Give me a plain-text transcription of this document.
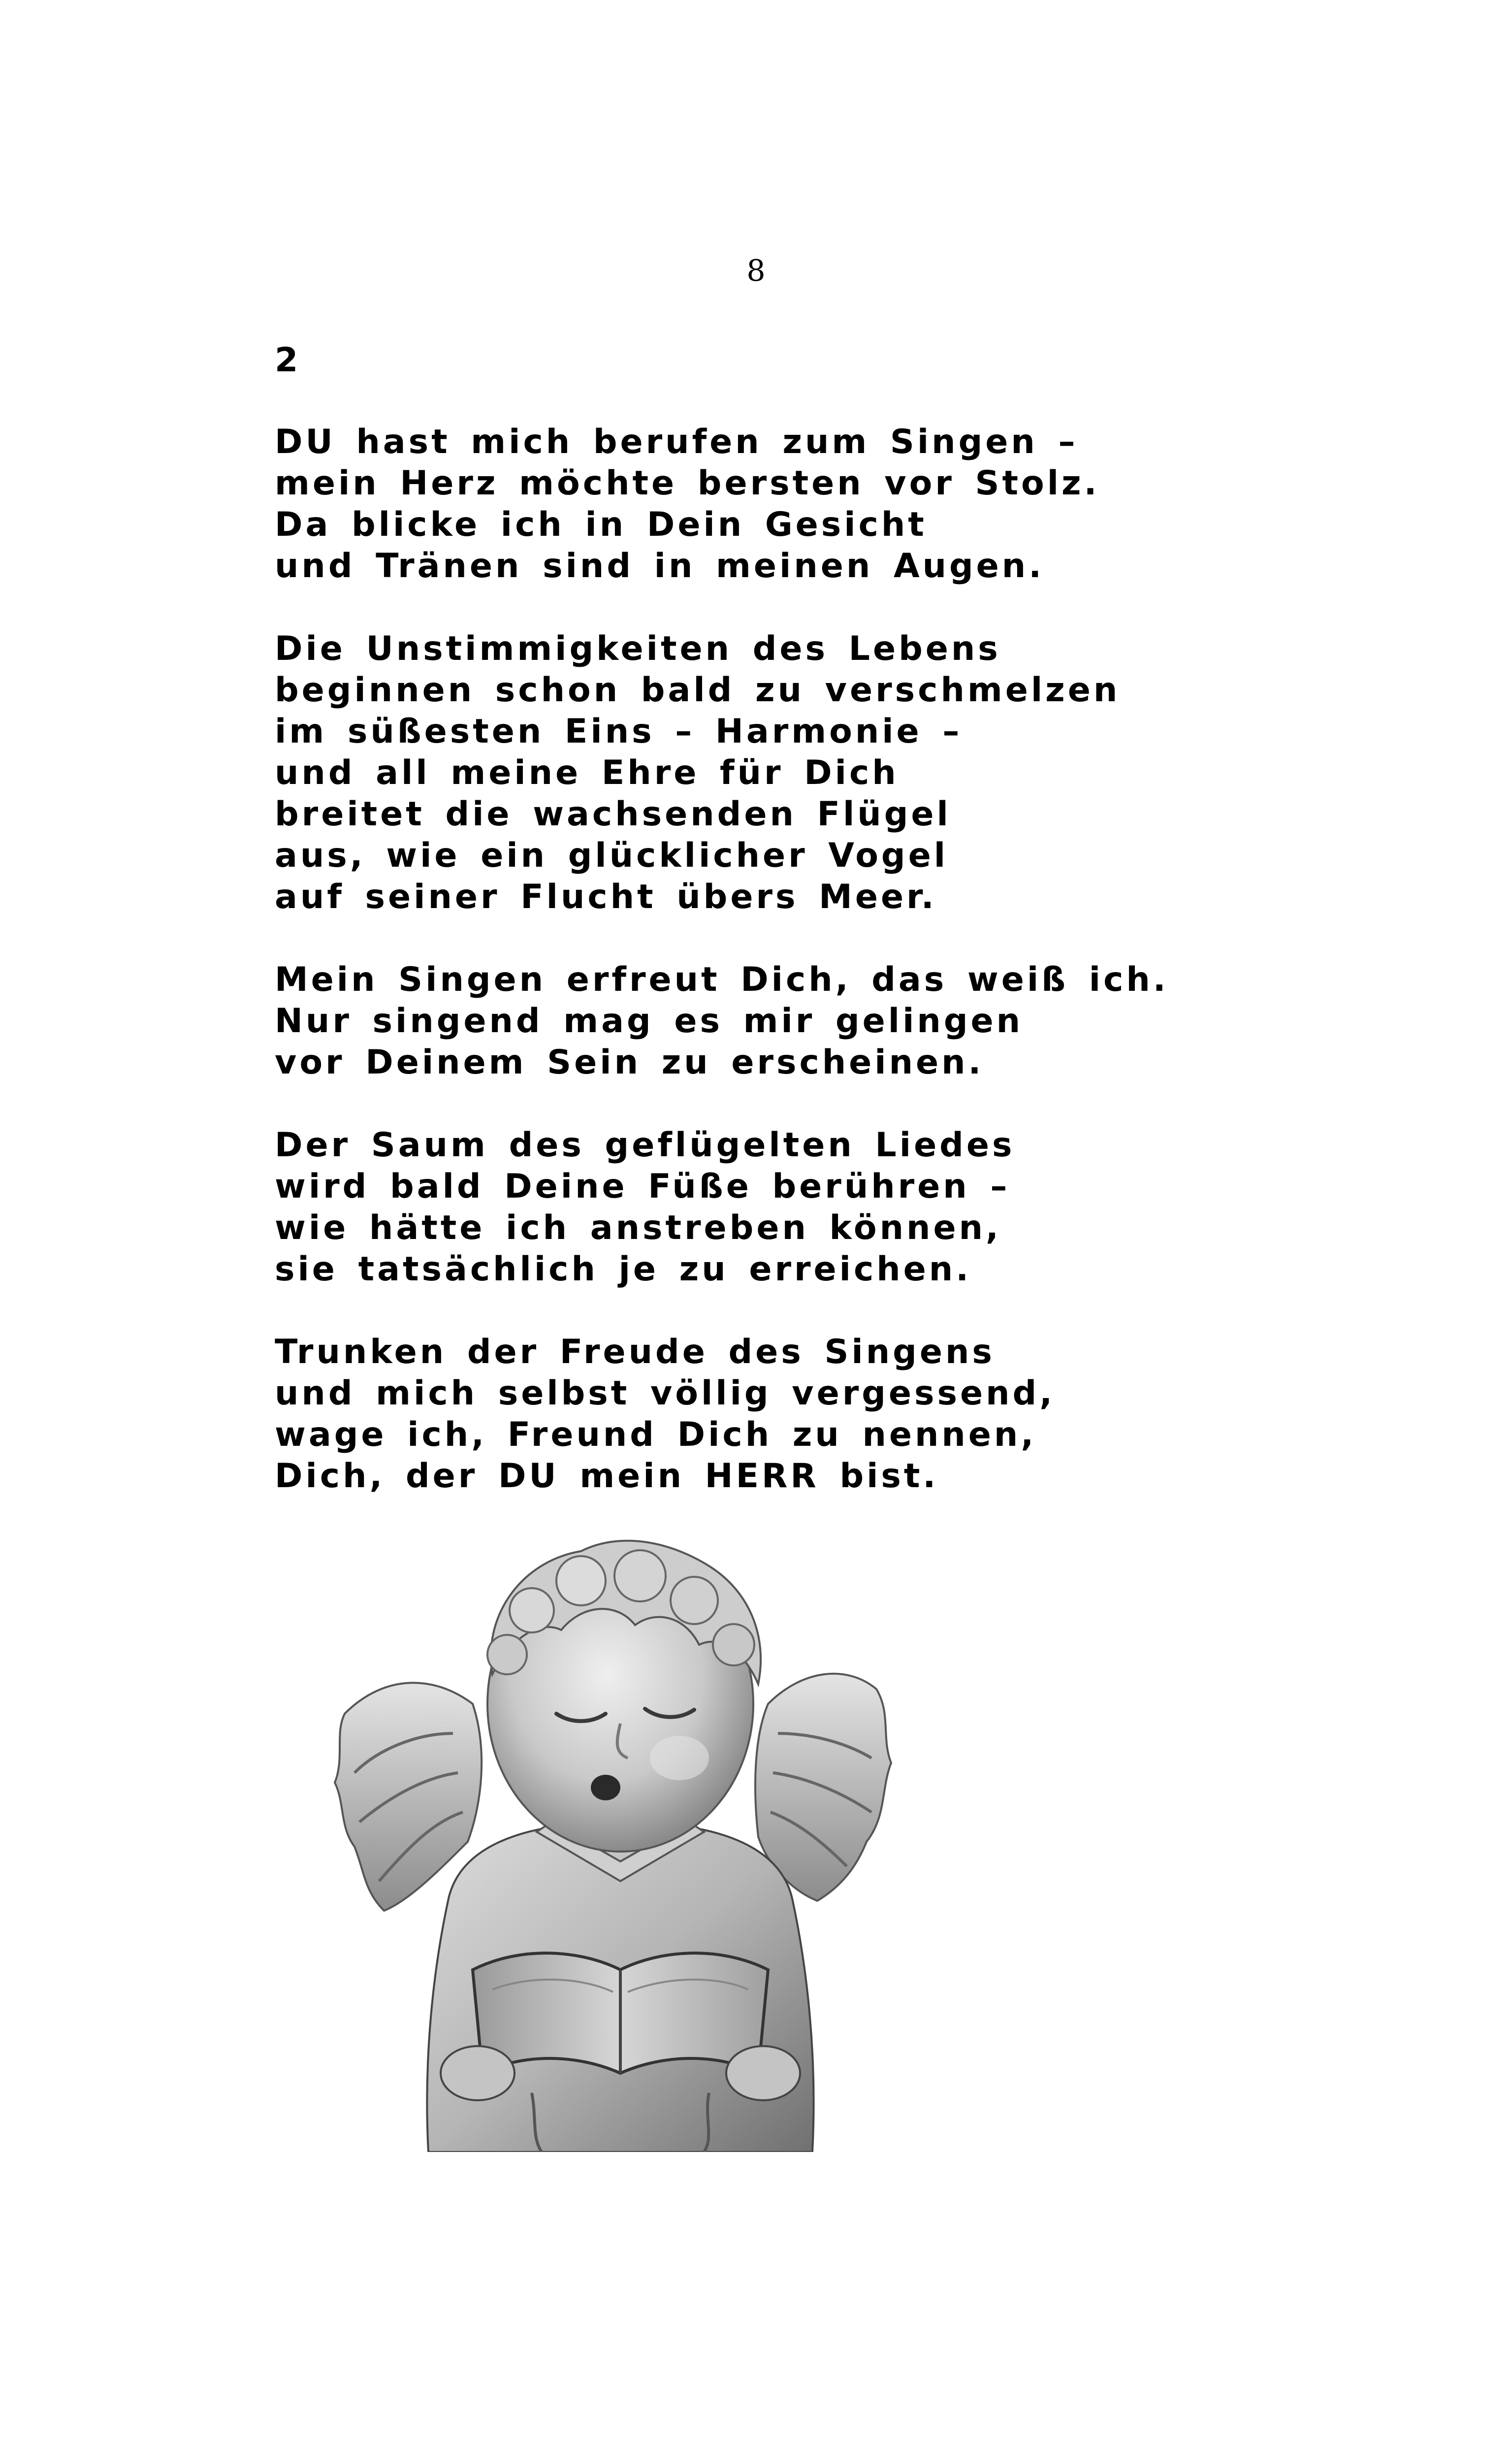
8
2
DU hast mich berufen zum Singen –
mein Herz möchte bersten vor Stolz.
Da blicke ich in Dein Gesicht
und Tränen sind in meinen Augen.
Die Unstimmigkeiten des Lebens
beginnen schon bald zu verschmelzen
im süßesten Eins – Harmonie –
und all meine Ehre für Dich
breitet die wachsenden Flügel
aus, wie ein glücklicher Vogel
auf seiner Flucht übers Meer.
Mein Singen erfreut Dich, das weiß ich.
Nur singend mag es mir gelingen
vor Deinem Sein zu erscheinen.
Der Saum des geflügelten Liedes
wird bald Deine Füße berühren –
wie hätte ich anstreben können,
sie tatsächlich je zu erreichen.
Trunken der Freude des Singens
und mich selbst völlig vergessend,
wage ich, Freund Dich zu nennen,
Dich, der DU mein HERR bist.
